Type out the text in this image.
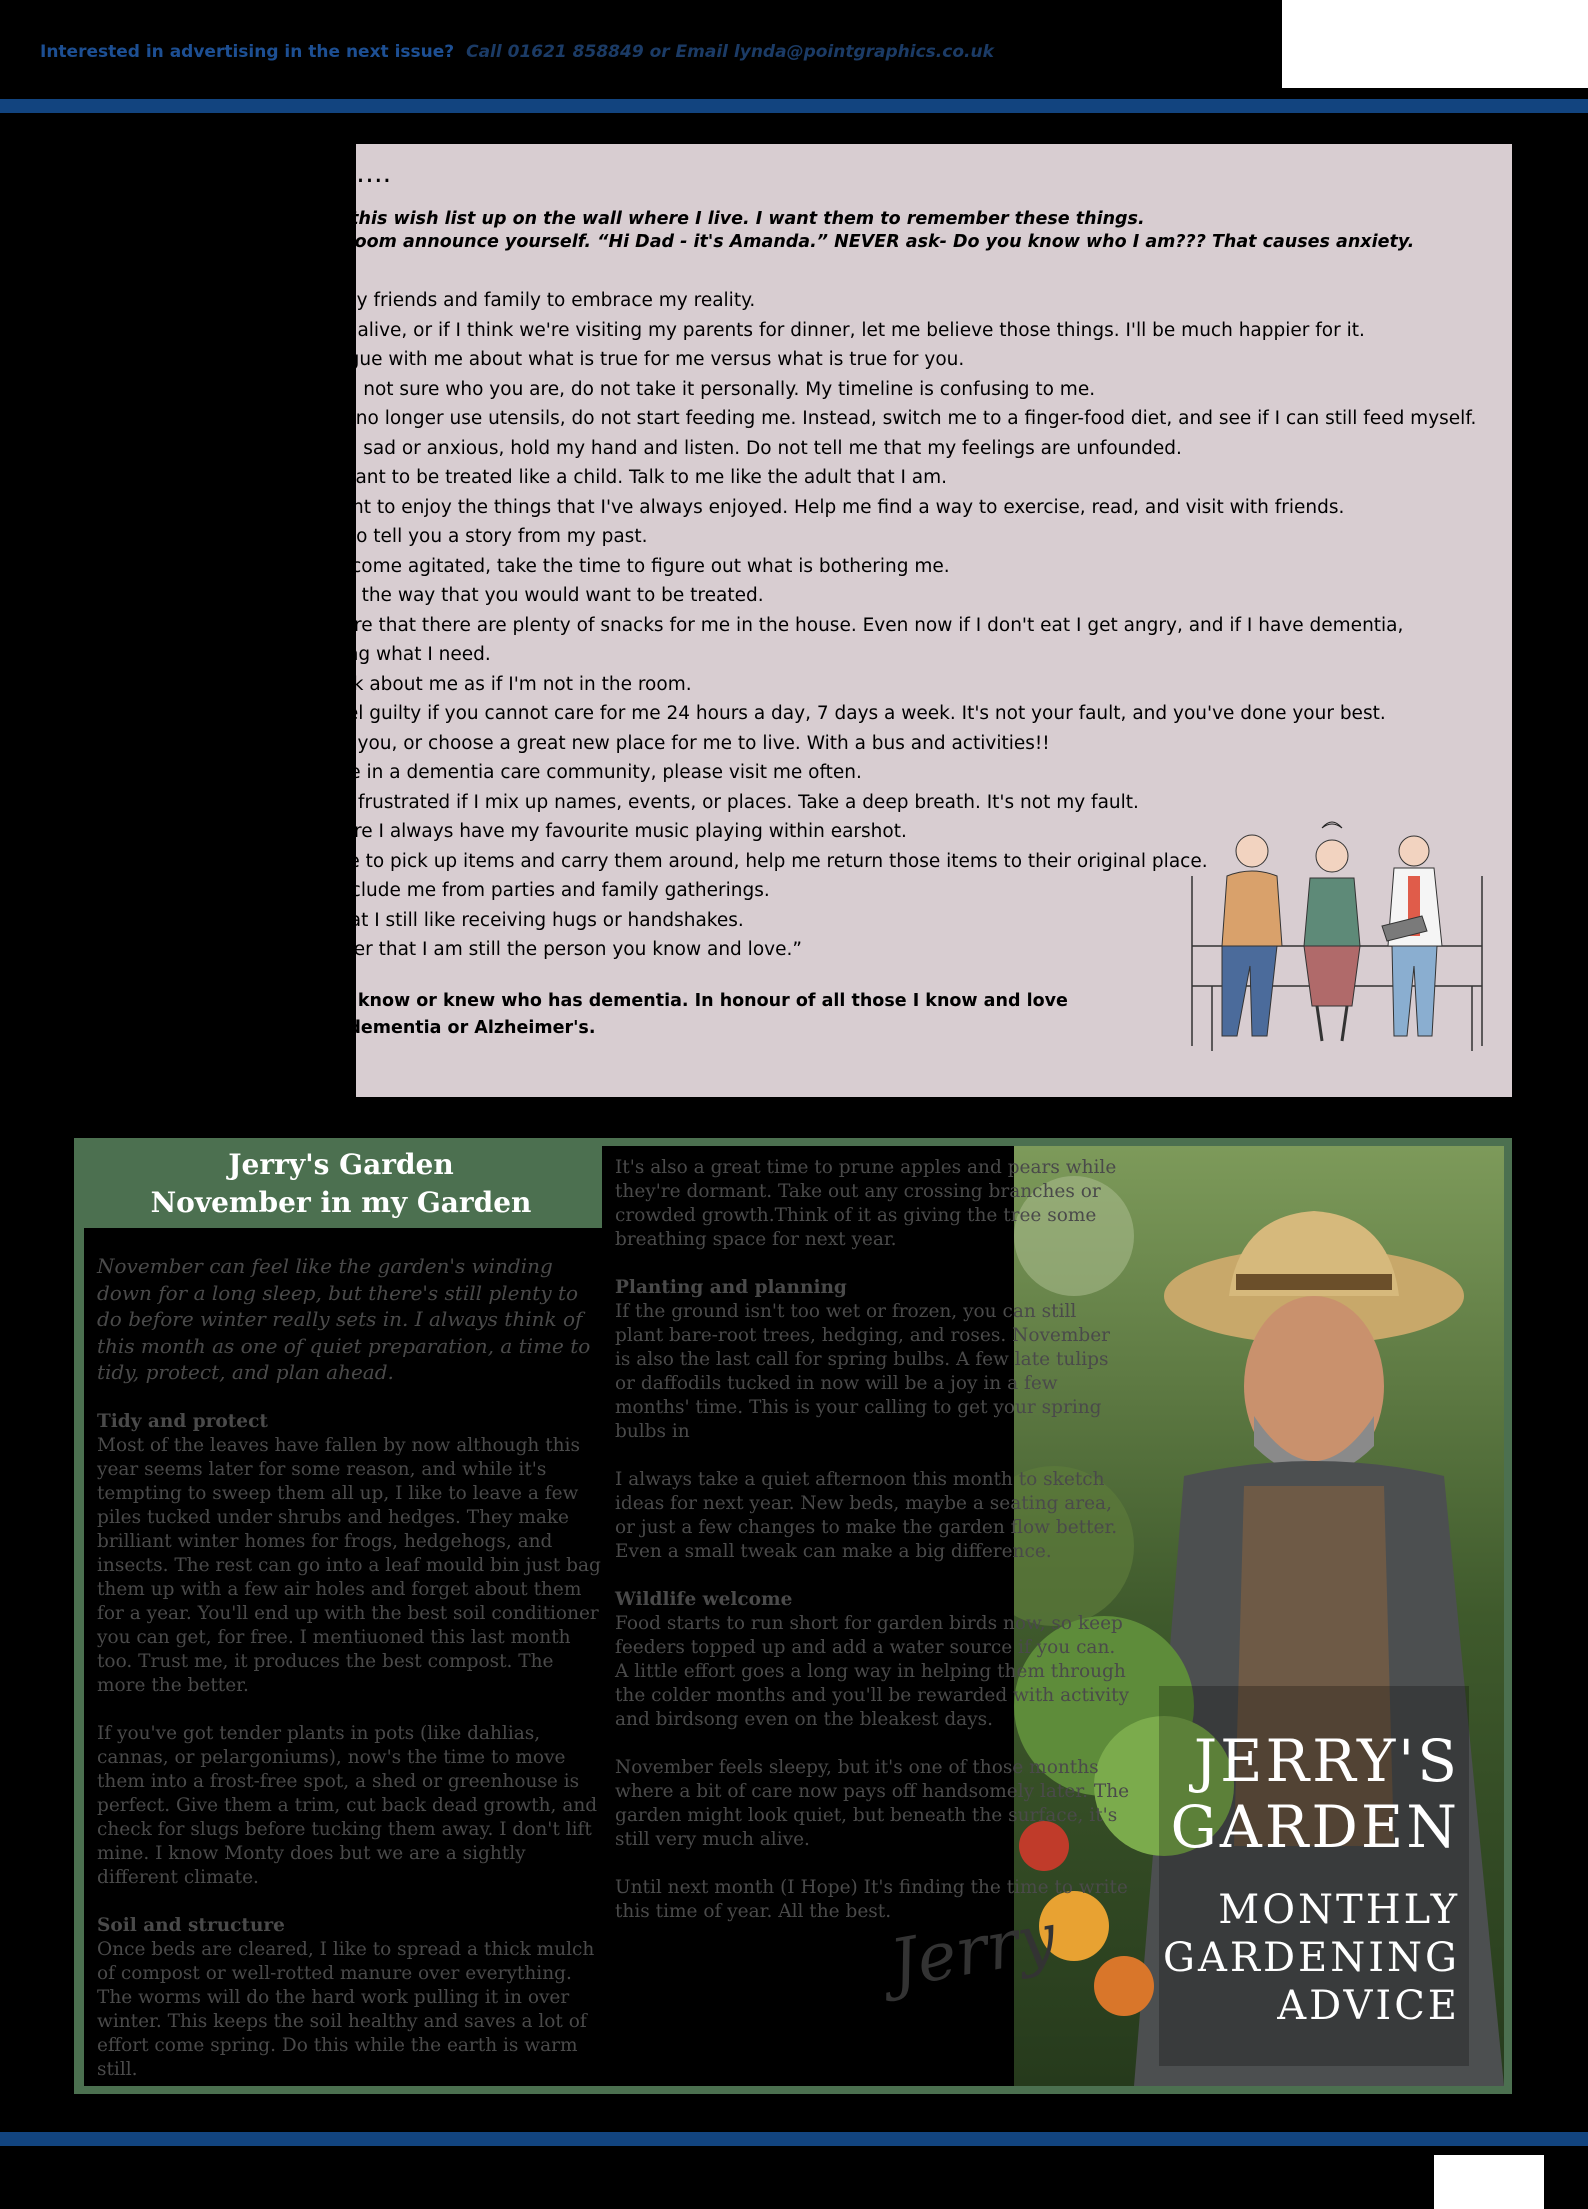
Interested in advertising in the next issue? Call 01621 858849 or Email lynda@pointgraphics.co.uk
IF I GET DEMENTIA…..
I'd like my family to hang this wish list up on the wall where I live. I want them to remember these things.
Every time you enter the room announce yourself. “Hi Dad - it's Amanda.” NEVER ask- Do you know who I am??? That causes anxiety.
• If I get dementia, I want my friends and family to embrace my reality.
• If I think my spouse is still alive, or if I think we're visiting my parents for dinner, let me believe those things. I'll be much happier for it.
• If I get dementia, don't argue with me about what is true for me versus what is true for you.
• If I get dementia, and I am not sure who you are, do not take it personally. My timeline is confusing to me.
• If I get dementia, and can no longer use utensils, do not start feeding me. Instead, switch me to a finger-food diet, and see if I can still feed myself.
• If I get dementia, and I am sad or anxious, hold my hand and listen. Do not tell me that my feelings are unfounded.
• If I get dementia, I don't want to be treated like a child. Talk to me like the adult that I am.
• If I get dementia, I still want to enjoy the things that I've always enjoyed. Help me find a way to exercise, read, and visit with friends.
• If I get dementia, ask me to tell you a story from my past.
• If I get dementia, and I become agitated, take the time to figure out what is bothering me.
• If I get dementia, treat me the way that you would want to be treated.
• If I get dementia, make sure that there are plenty of snacks for me in the house. Even now if I don't eat I get angry, and if I have dementia, I may have trouble explaining what I need.
• If I get dementia, don't talk about me as if I'm not in the room.
• If I get dementia, don't feel guilty if you cannot care for me 24 hours a day, 7 days a week. It's not your fault, and you've done your best. Find someone who can help you, or choose a great new place for me to live. With a bus and activities!!
• If I get dementia, and I live in a dementia care community, please visit me often.
• If I get dementia, don't be frustrated if I mix up names, events, or places. Take a deep breath. It's not my fault.
• If I get dementia, make sure I always have my favourite music playing within earshot.
• If I get dementia, and I like to pick up items and carry them around, help me return those items to their original place.
• If I get dementia, don't exclude me from parties and family gatherings.
• If I get dementia, know that I still like receiving hugs or handshakes.
• If I get dementia, remember that I am still the person you know and love.”
In honour of someone you know or knew who has dementia. In honour of all those I know and love and lost who are fighting dementia or Alzheimer's.
Jerry's Garden
November in my Garden

November can feel like the garden's winding down for a long sleep, but there's still plenty to do before winter really sets in. I always think of this month as one of quiet preparation, a time to tidy, protect, and plan ahead.

Tidy and protect

Most of the leaves have fallen by now although this year seems later for some reason, and while it's tempting to sweep them all up, I like to leave a few piles tucked under shrubs and hedges. They make brilliant winter homes for frogs, hedgehogs, and insects. The rest can go into a leaf mould bin just bag them up with a few air holes and forget about them for a year. You'll end up with the best soil conditioner you can get, for free. I mentiuoned this last month too. Trust me, it produces the best compost. The more the better.

If you've got tender plants in pots (like dahlias, cannas, or pelargoniums), now's the time to move them into a frost-free spot, a shed or greenhouse is perfect. Give them a trim, cut back dead growth, and check for slugs before tucking them away. I don't lift mine. I know Monty does but we are a sightly different climate.

Soil and structure

Once beds are cleared, I like to spread a thick mulch of compost or well-rotted manure over everything. The worms will do the hard work pulling it in over winter. This keeps the soil healthy and saves a lot of effort come spring. Do this while the earth is warm still.

It's also a great time to prune apples and pears while they're dormant. Take out any crossing branches or crowded growth.Think of it as giving the tree some breathing space for next year.

Planting and planning

If the ground isn't too wet or frozen, you can still plant bare-root trees, hedging, and roses. November is also the last call for spring bulbs. A few late tulips or daffodils tucked in now will be a joy in a few months' time. This is your calling to get your spring bulbs in

I always take a quiet afternoon this month to sketch ideas for next year. New beds, maybe a seating area, or just a few changes to make the garden flow better. Even a small tweak can make a big difference.

Wildlife welcome

Food starts to run short for garden birds now, so keep feeders topped up and add a water source if you can. A little effort goes a long way in helping them through the colder months and you'll be rewarded with activity and birdsong even on the bleakest days.

November feels sleepy, but it's one of those months where a bit of care now pays off handsomely later. The garden might look quiet, but beneath the surface, it's still very much alive.

Until next month (I Hope) It's finding the time to write this time of year. All the best.

Jerry
JERRY'S
GARDEN
MONTHLY
GARDENING
ADVICE
